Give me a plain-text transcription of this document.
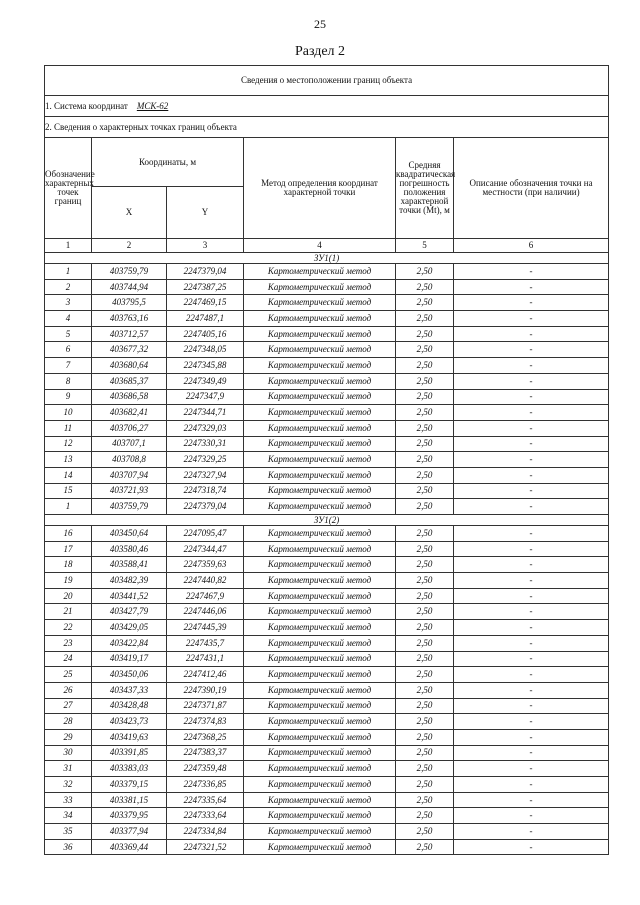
25
Раздел 2
Сведения о местоположении границ объекта					
1. Система координат МСК-62					
2. Сведения о характерных точках границ объекта					
Обозначение характерных точек границ	Координаты, м		Метод определения координат характерной точки	Средняя квадратическая погрешность положения характерной точки (Mt), м	Описание обозначения точки на местности (при наличии)
	X	Y			
1	2	3	4	5	6
ЗУ1(1)					
1	403759,79	2247379,04	Картометрический метод	2,50	-
2	403744,94	2247387,25	Картометрический метод	2,50	-
3	403795,5	2247469,15	Картометрический метод	2,50	-
4	403763,16	2247487,1	Картометрический метод	2,50	-
5	403712,57	2247405,16	Картометрический метод	2,50	-
6	403677,32	2247348,05	Картометрический метод	2,50	-
7	403680,64	2247345,88	Картометрический метод	2,50	-
8	403685,37	2247349,49	Картометрический метод	2,50	-
9	403686,58	2247347,9	Картометрический метод	2,50	-
10	403682,41	2247344,71	Картометрический метод	2,50	-
11	403706,27	2247329,03	Картометрический метод	2,50	-
12	403707,1	2247330,31	Картометрический метод	2,50	-
13	403708,8	2247329,25	Картометрический метод	2,50	-
14	403707,94	2247327,94	Картометрический метод	2,50	-
15	403721,93	2247318,74	Картометрический метод	2,50	-
1	403759,79	2247379,04	Картометрический метод	2,50	-
ЗУ1(2)					
16	403450,64	2247095,47	Картометрический метод	2,50	-
17	403580,46	2247344,47	Картометрический метод	2,50	-
18	403588,41	2247359,63	Картометрический метод	2,50	-
19	403482,39	2247440,82	Картометрический метод	2,50	-
20	403441,52	2247467,9	Картометрический метод	2,50	-
21	403427,79	2247446,06	Картометрический метод	2,50	-
22	403429,05	2247445,39	Картометрический метод	2,50	-
23	403422,84	2247435,7	Картометрический метод	2,50	-
24	403419,17	2247431,1	Картометрический метод	2,50	-
25	403450,06	2247412,46	Картометрический метод	2,50	-
26	403437,33	2247390,19	Картометрический метод	2,50	-
27	403428,48	2247371,87	Картометрический метод	2,50	-
28	403423,73	2247374,83	Картометрический метод	2,50	-
29	403419,63	2247368,25	Картометрический метод	2,50	-
30	403391,85	2247383,37	Картометрический метод	2,50	-
31	403383,03	2247359,48	Картометрический метод	2,50	-
32	403379,15	2247336,85	Картометрический метод	2,50	-
33	403381,15	2247335,64	Картометрический метод	2,50	-
34	403379,95	2247333,64	Картометрический метод	2,50	-
35	403377,94	2247334,84	Картометрический метод	2,50	-
36	403369,44	2247321,52	Картометрический метод	2,50	-
